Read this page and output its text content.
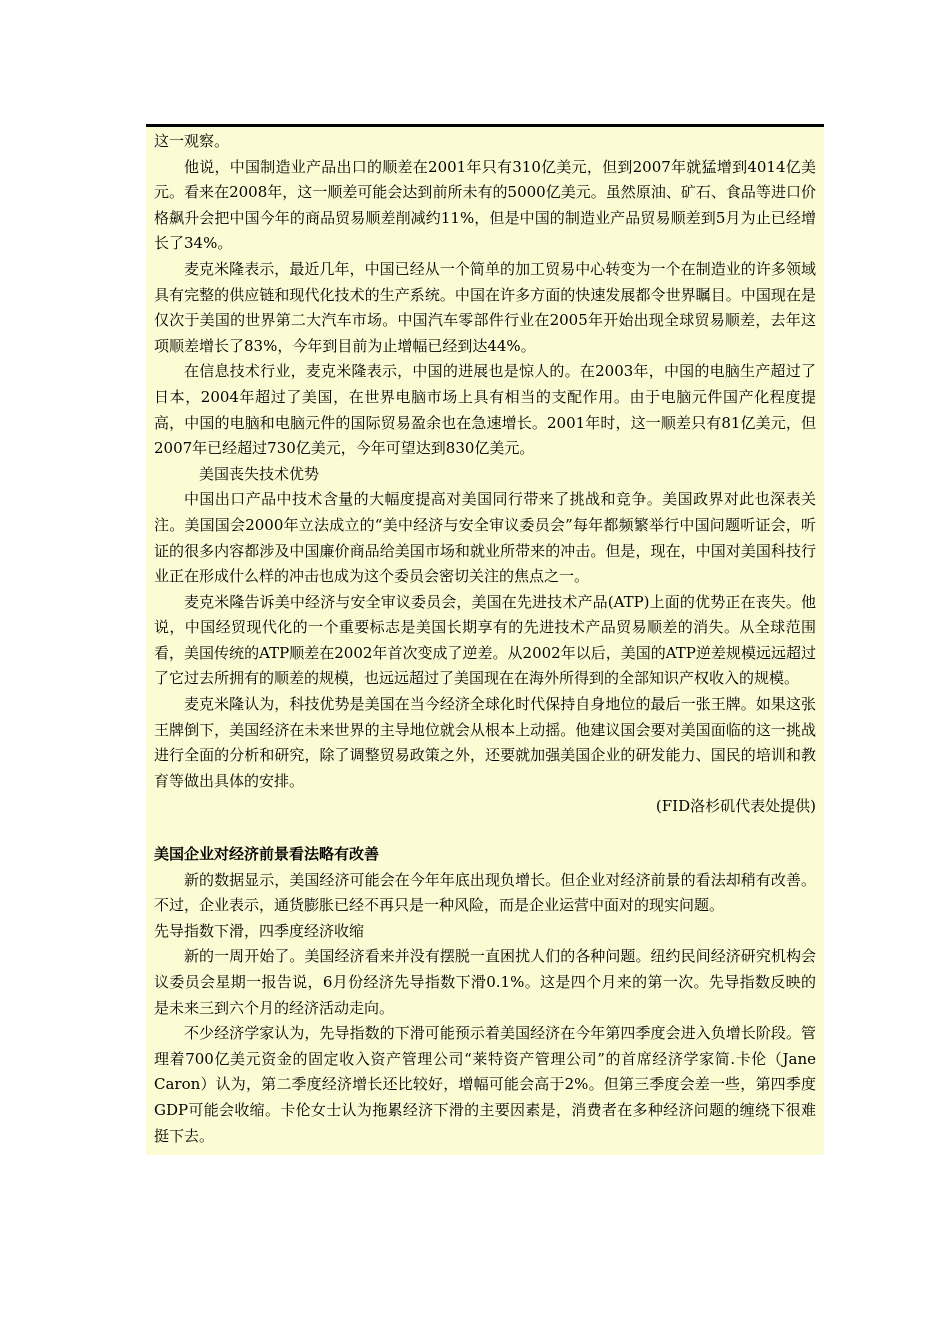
这一观察。

他说，中国制造业产品出口的顺差在2001年只有310亿美元，但到2007年就猛增到4014亿美元。看来在2008年，这一顺差可能会达到前所未有的5000亿美元。虽然原油、矿石、食品等进口价格飙升会把中国今年的商品贸易顺差削减约11%，但是中国的制造业产品贸易顺差到5月为止已经增长了34%。

麦克米隆表示，最近几年，中国已经从一个简单的加工贸易中心转变为一个在制造业的许多领域具有完整的供应链和现代化技术的生产系统。中国在许多方面的快速发展都令世界瞩目。中国现在是仅次于美国的世界第二大汽车市场。中国汽车零部件行业在2005年开始出现全球贸易顺差，去年这项顺差增长了83%，今年到目前为止增幅已经到达44%。

在信息技术行业，麦克米隆表示，中国的进展也是惊人的。在2003年，中国的电脑生产超过了日本，2004年超过了美国，在世界电脑市场上具有相当的支配作用。由于电脑元件国产化程度提高，中国的电脑和电脑元件的国际贸易盈余也在急速增长。2001年时，这一顺差只有81亿美元，但2007年已经超过730亿美元，今年可望达到830亿美元。

美国丧失技术优势

中国出口产品中技术含量的大幅度提高对美国同行带来了挑战和竞争。美国政界对此也深表关注。美国国会2000年立法成立的“美中经济与安全审议委员会”每年都频繁举行中国问题听证会，听证的很多内容都涉及中国廉价商品给美国市场和就业所带来的冲击。但是，现在，中国对美国科技行业正在形成什么样的冲击也成为这个委员会密切关注的焦点之一。

麦克米隆告诉美中经济与安全审议委员会，美国在先进技术产品(ATP)上面的优势正在丧失。他说，中国经贸现代化的一个重要标志是美国长期享有的先进技术产品贸易顺差的消失。从全球范围看，美国传统的ATP顺差在2002年首次变成了逆差。从2002年以后，美国的ATP逆差规模远远超过了它过去所拥有的顺差的规模，也远远超过了美国现在在海外所得到的全部知识产权收入的规模。

麦克米隆认为，科技优势是美国在当今经济全球化时代保持自身地位的最后一张王牌。如果这张王牌倒下，美国经济在未来世界的主导地位就会从根本上动摇。他建议国会要对美国面临的这一挑战进行全面的分析和研究，除了调整贸易政策之外，还要就加强美国企业的研发能力、国民的培训和教育等做出具体的安排。

(FID洛杉矶代表处提供)

美国企业对经济前景看法略有改善

新的数据显示，美国经济可能会在今年年底出现负增长。但企业对经济前景的看法却稍有改善。不过，企业表示，通货膨胀已经不再只是一种风险，而是企业运营中面对的现实问题。

先导指数下滑，四季度经济收缩

新的一周开始了。美国经济看来并没有摆脱一直困扰人们的各种问题。纽约民间经济研究机构会议委员会星期一报告说，6月份经济先导指数下滑0.1%。这是四个月来的第一次。先导指数反映的是未来三到六个月的经济活动走向。

不少经济学家认为，先导指数的下滑可能预示着美国经济在今年第四季度会进入负增长阶段。管理着700亿美元资金的固定收入资产管理公司“莱特资产管理公司”的首席经济学家简.卡伦（Jane Caron）认为，第二季度经济增长还比较好，增幅可能会高于2%。但第三季度会差一些，第四季度GDP可能会收缩。卡伦女士认为拖累经济下滑的主要因素是，消费者在多种经济问题的缠绕下很难挺下去。
